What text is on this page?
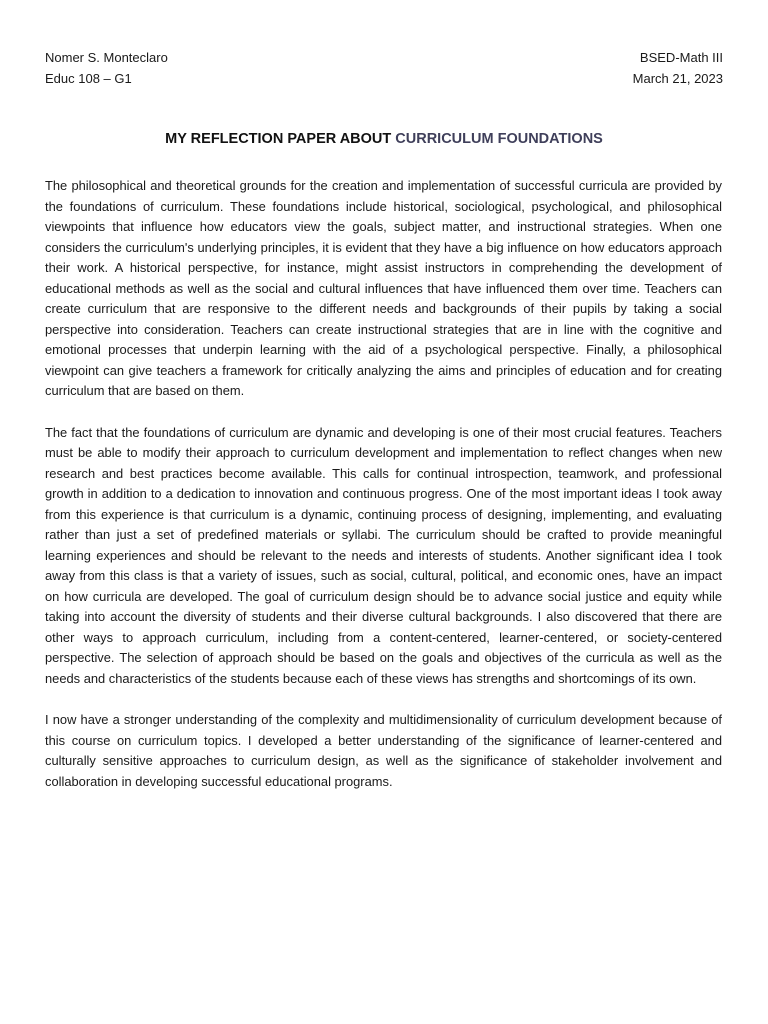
Nomer S. Montecl​aro
Educ 108 – G1
BSED-Math III
March 21, 2023
MY REFLECTION PAPER ABOUT CURRICULUM FOUNDATIONS

The philosophical and theoretical grounds for the creation and implementation of successful curricula are provided by the foundations of curriculum. These foundations include historical, sociological, psychological, and philosophical viewpoints that influence how educators view the goals, subject matter, and instructional strategies. When one considers the curriculum's underlying principles, it is evident that they have a big influence on how educators approach their work. A historical perspective, for instance, might assist instructors in comprehending the development of educational methods as well as the social and cultural influences that have influenced them over time. Teachers can create curriculum that are responsive to the different needs and backgrounds of their pupils by taking a social perspective into consideration. Teachers can create instructional strategies that are in line with the cognitive and emotional processes that underpin learning with the aid of a psychological perspective. Finally, a philosophical viewpoint can give teachers a framework for critically analyzing the aims and principles of education and for creating curriculum that are based on them.

The fact that the foundations of curriculum are dynamic and developing is one of their most crucial features. Teachers must be able to modify their approach to curriculum development and implementation to reflect changes when new research and best practices become available. This calls for continual introspection, teamwork, and professional growth in addition to a dedication to innovation and continuous progress. One of the most important ideas I took away from this experience is that curriculum is a dynamic, continuing process of designing, implementing, and evaluating rather than just a set of predefined materials or syllabi. The curriculum should be crafted to provide meaningful learning experiences and should be relevant to the needs and interests of students. Another significant idea I took away from this class is that a variety of issues, such as social, cultural, political, and economic ones, have an impact on how curricula are developed. The goal of curriculum design should be to advance social justice and equity while taking into account the diversity of students and their diverse cultural backgrounds. I also discovered that there are other ways to approach curriculum, including from a content-centered, learner-centered, or society-centered perspective. The selection of approach should be based on the goals and objectives of the curricula as well as the needs and characteristics of the students because each of these views has strengths and shortcomings of its own.

I now have a stronger understanding of the complexity and multidimensionality of curriculum development because of this course on curriculum topics. I developed a better understanding of the significance of learner-centered and culturally sensitive approaches to curriculum design, as well as the significance of stakeholder involvement and collaboration in developing successful educational programs.
